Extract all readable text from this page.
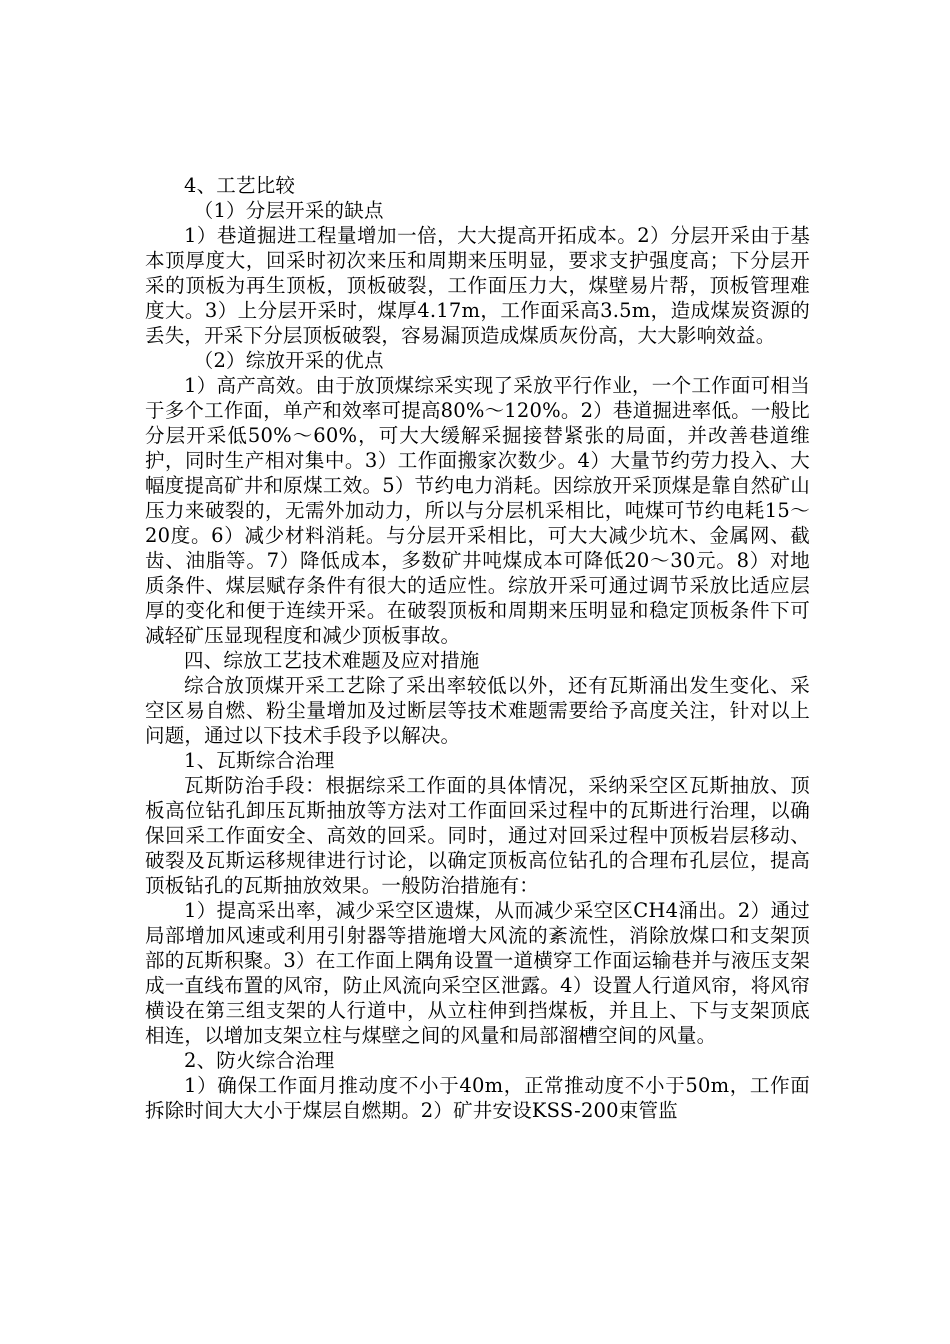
4、工艺比较

（1）分层开采的缺点

1）巷道掘进工程量增加一倍，大大提高开拓成本。2）分层开采由于基本顶厚度大，回采时初次来压和周期来压明显，要求支护强度高；下分层开采的顶板为再生顶板，顶板破裂，工作面压力大，煤壁易片帮，顶板管理难度大。3）上分层开采时，煤厚4.17m，工作面采高3.5m，造成煤炭资源的丢失，开采下分层顶板破裂，容易漏顶造成煤质灰份高，大大影响效益。

（2）综放开采的优点

1）高产高效。由于放顶煤综采实现了采放平行作业，一个工作面可相当于多个工作面，单产和效率可提高80%～120%。2）巷道掘进率低。一般比分层开采低50%～60%，可大大缓解采掘接替紧张的局面，并改善巷道维护，同时生产相对集中。3）工作面搬家次数少。4）大量节约劳力投入、大幅度提高矿井和原煤工效。5）节约电力消耗。因综放开采顶煤是靠自然矿山压力来破裂的，无需外加动力，所以与分层机采相比，吨煤可节约电耗15～20度。6）减少材料消耗。与分层开采相比，可大大减少坑木、金属网、截齿、油脂等。7）降低成本，多数矿井吨煤成本可降低20～30元。8）对地质条件、煤层赋存条件有很大的适应性。综放开采可通过调节采放比适应层厚的变化和便于连续开采。在破裂顶板和周期来压明显和稳定顶板条件下可减轻矿压显现程度和减少顶板事故。

四、综放工艺技术难题及应对措施

综合放顶煤开采工艺除了采出率较低以外，还有瓦斯涌出发生变化、采空区易自燃、粉尘量增加及过断层等技术难题需要给予高度关注，针对以上问题，通过以下技术手段予以解决。

1、瓦斯综合治理

瓦斯防治手段：根据综采工作面的具体情况，采纳采空区瓦斯抽放、顶板高位钻孔卸压瓦斯抽放等方法对工作面回采过程中的瓦斯进行治理，以确保回采工作面安全、高效的回采。同时，通过对回采过程中顶板岩层移动、破裂及瓦斯运移规律进行讨论，以确定顶板高位钻孔的合理布孔层位，提高顶板钻孔的瓦斯抽放效果。一般防治措施有：

1）提高采出率，减少采空区遗煤，从而减少采空区CH4涌出。2）通过局部增加风速或利用引射器等措施增大风流的紊流性，消除放煤口和支架顶部的瓦斯积聚。3）在工作面上隅角设置一道横穿工作面运输巷并与液压支架成一直线布置的风帘，防止风流向采空区泄露。4）设置人行道风帘，将风帘横设在第三组支架的人行道中，从立柱伸到挡煤板，并且上、下与支架顶底相连，以增加支架立柱与煤壁之间的风量和局部溜槽空间的风量。

2、防火综合治理

1）确保工作面月推动度不小于40m，正常推动度不小于50m，工作面拆除时间大大小于煤层自燃期。2）矿井安设KSS-200束管监
